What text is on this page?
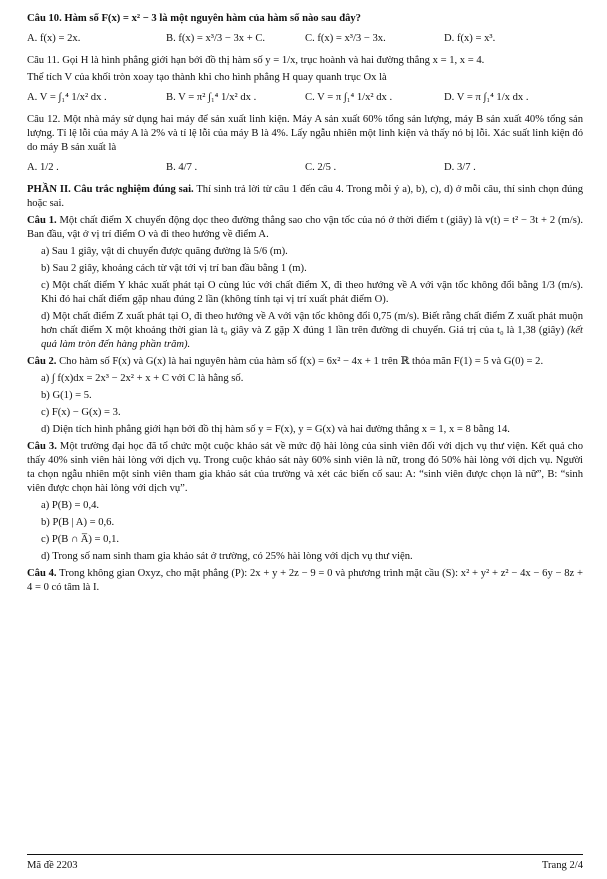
Câu 10. Hàm số F(x) = x² − 3 là một nguyên hàm của hàm số nào sau đây?

A. f(x) = 2x.	B. f(x) = x³/3 − 3x + C.	C. f(x) = x³/3 − 3x.	D. f(x) = x³.

Câu 11. Gọi H là hình phẳng giới hạn bởi đồ thị hàm số y = 1/x, trục hoành và hai đường thẳng x = 1, x = 4.

Thể tích V của khối tròn xoay tạo thành khi cho hình phẳng H quay quanh trục Ox là

A. V = ∫₁⁴ 1/x² dx .	B. V = π² ∫₁⁴ 1/x² dx .	C. V = π ∫₁⁴ 1/x² dx .	D. V = π ∫₁⁴ 1/x dx .

Câu 12. Một nhà máy sử dụng hai máy để sản xuất linh kiện. Máy A sản xuất 60% tổng sản lượng, máy B sản xuất 40% tổng sản lượng. Tỉ lệ lỗi của máy A là 2% và tỉ lệ lỗi của máy B là 4%. Lấy ngẫu nhiên một linh kiện và thấy nó bị lỗi. Xác suất linh kiện đó do máy B sản xuất là

A. 1/2 .	B. 4/7 .	C. 2/5 .	D. 3/7 .

PHẦN II. Câu trắc nghiệm đúng sai. Thí sinh trả lời từ câu 1 đến câu 4. Trong mỗi ý a), b), c), d) ở mỗi câu, thí sinh chọn đúng hoặc sai.

Câu 1. Một chất điểm X chuyển động dọc theo đường thẳng sao cho vận tốc của nó ở thời điểm t (giây) là v(t) = t² − 3t + 2 (m/s). Ban đầu, vật ở vị trí điểm O và đi theo hướng về điểm A.

a) Sau 1 giây, vật di chuyển được quãng đường là 5/6 (m).

b) Sau 2 giây, khoảng cách từ vật tới vị trí ban đầu bằng 1 (m).

c) Một chất điểm Y khác xuất phát tại O cùng lúc với chất điểm X, đi theo hướng về A với vận tốc không đổi bằng 1/3 (m/s). Khi đó hai chất điểm gặp nhau đúng 2 lần (không tính tại vị trí xuất phát điểm O).

d) Một chất điểm Z xuất phát tại O, đi theo hướng về A với vận tốc không đổi 0,75 (m/s). Biết rằng chất điểm Z xuất phát muộn hơn chất điểm X một khoảng thời gian là t₀ giây và Z gặp X đúng 1 lần trên đường di chuyển. Giá trị của t₀ là 1,38 (giây) (kết quả làm tròn đến hàng phần trăm).

Câu 2. Cho hàm số F(x) và G(x) là hai nguyên hàm của hàm số f(x) = 6x² − 4x + 1 trên ℝ thỏa mãn F(1) = 5 và G(0) = 2.

a) ∫ f(x)dx = 2x³ − 2x² + x + C với C là hằng số.

b) G(1) = 5.

c) F(x) − G(x) = 3.

d) Diện tích hình phẳng giới hạn bởi đồ thị hàm số y = F(x), y = G(x) và hai đường thẳng x = 1, x = 8 bằng 14.

Câu 3. Một trường đại học đã tổ chức một cuộc khảo sát về mức độ hài lòng của sinh viên đối với dịch vụ thư viện. Kết quả cho thấy 40% sinh viên hài lòng với dịch vụ. Trong cuộc khảo sát này 60% sinh viên là nữ, trong đó 50% hài lòng với dịch vụ. Người ta chọn ngẫu nhiên một sinh viên tham gia khảo sát của trường và xét các biến cố sau: A: “sinh viên được chọn là nữ”, B: “sinh viên được chọn hài lòng với dịch vụ”.

a) P(B) = 0,4.

b) P(B | A) = 0,6.

c) P(B ∩ A̅) = 0,1.

d) Trong số nam sinh tham gia khảo sát ở trường, có 25% hài lòng với dịch vụ thư viện.

Câu 4. Trong không gian Oxyz, cho mặt phẳng (P): 2x + y + 2z − 9 = 0 và phương trình mặt cầu (S): x² + y² + z² − 4x − 6y − 8z + 4 = 0 có tâm là I.

Mã đề 2203	Trang 2/4
